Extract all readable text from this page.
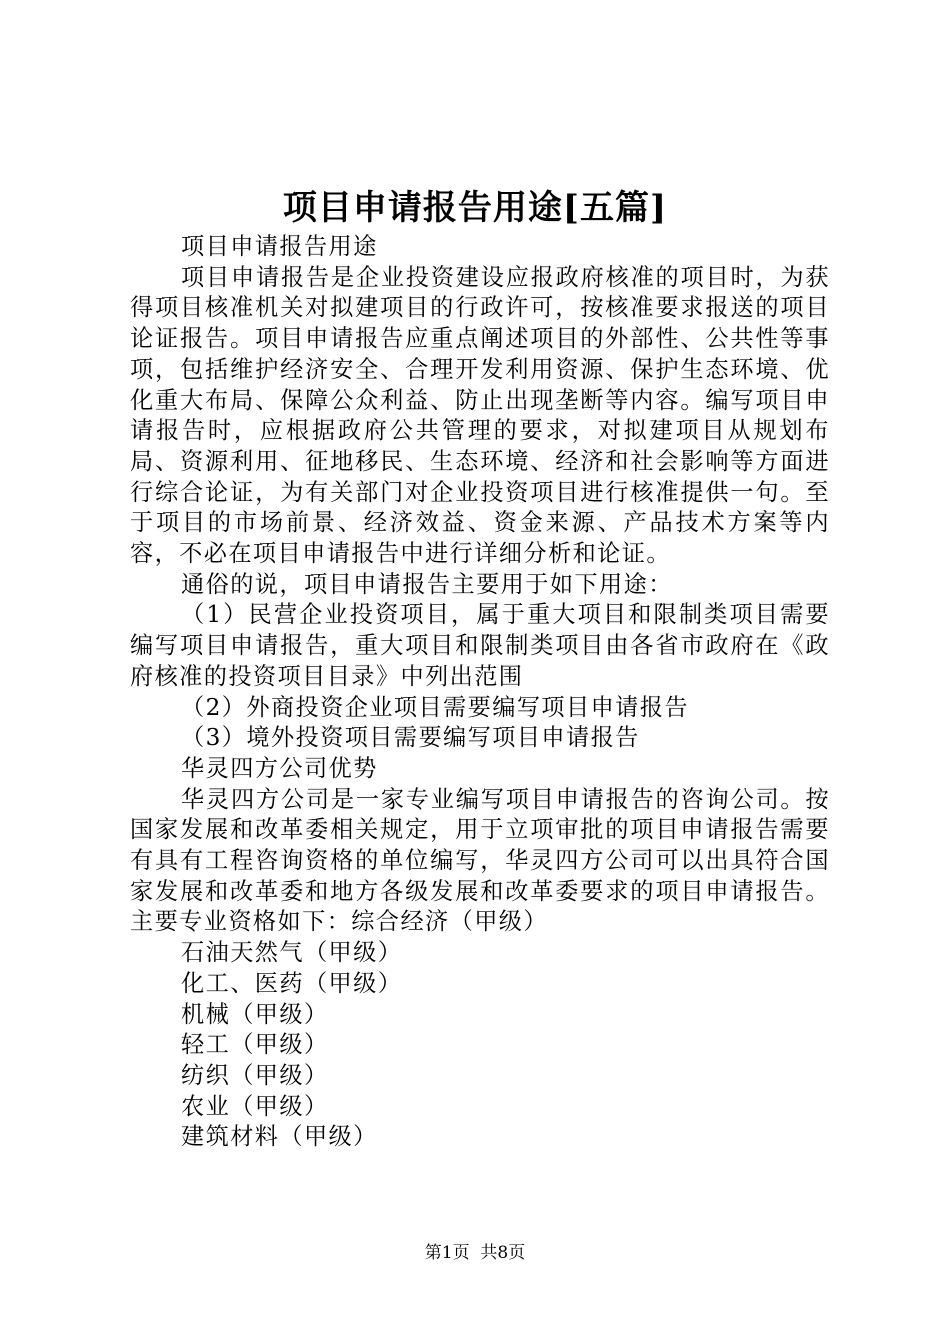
项目申请报告用途[五篇]

项目申请报告用途

项目申请报告是企业投资建设应报政府核准的项目时，为获得项目核准机关对拟建项目的行政许可，按核准要求报送的项目论证报告。项目申请报告应重点阐述项目的外部性、公共性等事项，包括维护经济安全、合理开发利用资源、保护生态环境、优化重大布局、保障公众利益、防止出现垄断等内容。编写项目申请报告时，应根据政府公共管理的要求，对拟建项目从规划布局、资源利用、征地移民、生态环境、经济和社会影响等方面进行综合论证，为有关部门对企业投资项目进行核准提供一句。至于项目的市场前景、经济效益、资金来源、产品技术方案等内容，不必在项目申请报告中进行详细分析和论证。

通俗的说，项目申请报告主要用于如下用途：

（1）民营企业投资项目，属于重大项目和限制类项目需要编写项目申请报告，重大项目和限制类项目由各省市政府在《政府核准的投资项目目录》中列出范围

（2）外商投资企业项目需要编写项目申请报告

（3）境外投资项目需要编写项目申请报告

华灵四方公司优势

华灵四方公司是一家专业编写项目申请报告的咨询公司。按国家发展和改革委相关规定，用于立项审批的项目申请报告需要有具有工程咨询资格的单位编写，华灵四方公司可以出具符合国家发展和改革委和地方各级发展和改革委要求的项目申请报告。主要专业资格如下：综合经济（甲级）

石油天然气（甲级）

化工、医药（甲级）

机械（甲级）

轻工（甲级）

纺织（甲级）

农业（甲级）

建筑材料（甲级）

第1页 共8页
